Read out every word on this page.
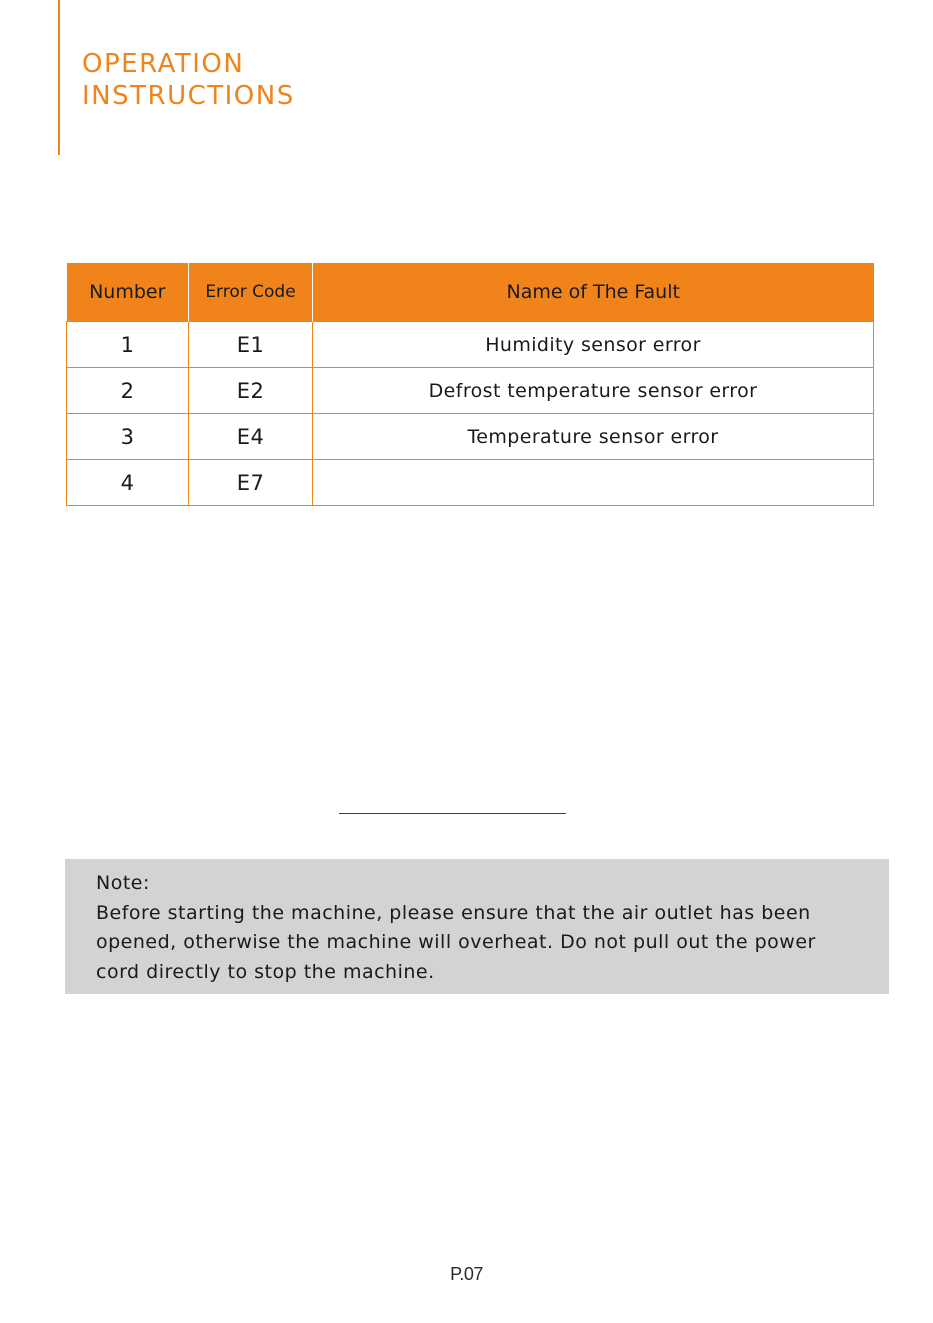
OPERATION
INSTRUCTIONS
Number	Error Code	Name of The Fault
1	E1	Humidity sensor error
2	E2	Defrost temperature sensor error
3	E4	Temperature sensor error
4	E7	
Note:
Before starting the machine, please ensure that the air outlet has been opened, otherwise the machine will overheat. Do not pull out the power cord directly to stop the machine.
P.07
